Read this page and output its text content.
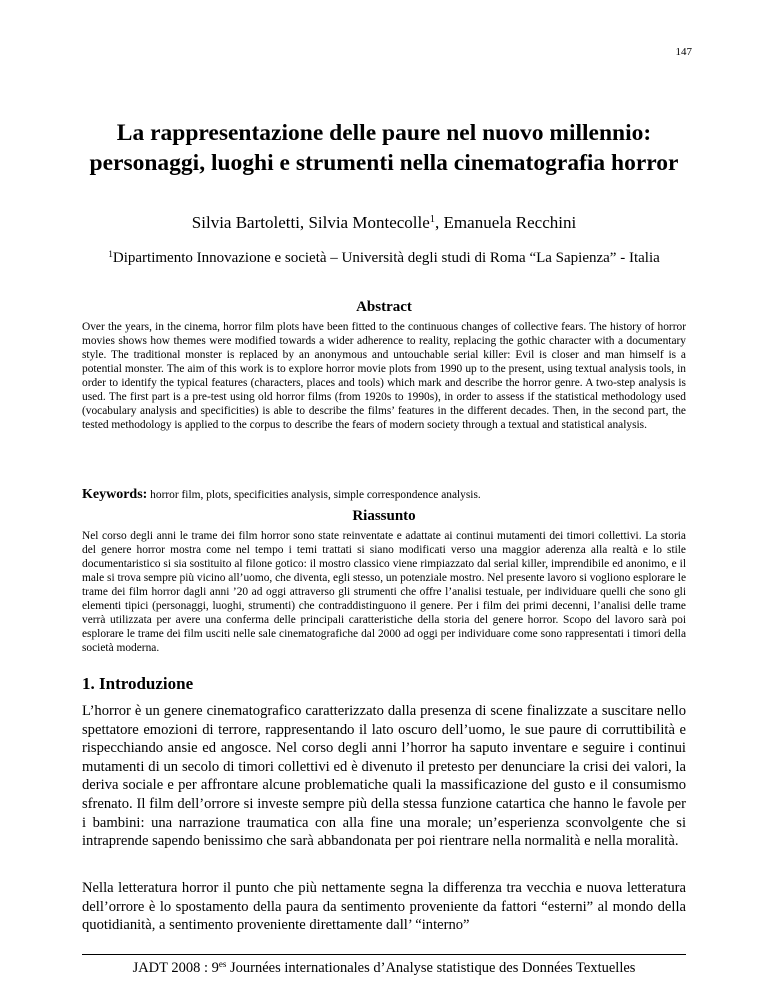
147
La rappresentazione delle paure nel nuovo millennio:
personaggi, luoghi e strumenti nella cinematografia horror
Silvia Bartoletti, Silvia Montecolle$^1$, Emanuela Recchini
$^1$Dipartimento Innovazione e società – Università degli studi di Roma “La Sapienza” - Italia
Abstract
Over the years, in the cinema, horror film plots have been fitted to the continuous changes of collective fears. The history of horror movies shows how themes were modified towards a wider adherence to reality, replacing the gothic character with a documentary style. The traditional monster is replaced by an anonymous and untouchable serial killer: Evil is closer and man himself is a potential monster. The aim of this work is to explore horror movie plots from 1990 up to the present, using textual analysis tools, in order to identify the typical features (characters, places and tools) which mark and describe the horror genre. A two-step analysis is used. The first part is a pre-test using old horror films (from 1920s to 1990s), in order to assess if the statistical methodology used (vocabulary analysis and specificities) is able to describe the films’ features in the different decades. Then, in the second part, the tested methodology is applied to the corpus to describe the fears of modern society through a textual and statistical analysis.
Keywords: horror film, plots, specificities analysis, simple correspondence analysis.
Riassunto
Nel corso degli anni le trame dei film horror sono state reinventate e adattate ai continui mutamenti dei timori collettivi. La storia del genere horror mostra come nel tempo i temi trattati si siano modificati verso una maggior aderenza alla realtà e lo stile documentaristico si sia sostituito al filone gotico: il mostro classico viene rimpiazzato dal serial killer, imprendibile ed anonimo, e il male si trova sempre più vicino all’uomo, che diventa, egli stesso, un potenziale mostro. Nel presente lavoro si vogliono esplorare le trame dei film horror dagli anni ’20 ad oggi attraverso gli strumenti che offre l’analisi testuale, per individuare quelli che sono gli elementi tipici (personaggi, luoghi, strumenti) che contraddistinguono il genere. Per i film dei primi decenni, l’analisi delle trame verrà utilizzata per avere una conferma delle principali caratteristiche della storia del genere horror. Scopo del lavoro sarà poi esplorare le trame dei film usciti nelle sale cinematografiche dal 2000 ad oggi per individuare come sono rappresentati i timori della società moderna.
1. Introduzione
L’horror è un genere cinematografico caratterizzato dalla presenza di scene finalizzate a suscitare nello spettatore emozioni di terrore, rappresentando il lato oscuro dell’uomo, le sue paure di corruttibilità e rispecchiando ansie ed angosce. Nel corso degli anni l’horror ha saputo inventare e seguire i continui mutamenti di un secolo di timori collettivi ed è divenuto il pretesto per denunciare la crisi dei valori, la deriva sociale e per affrontare alcune problematiche quali la massificazione del gusto e il consumismo sfrenato. Il film dell’orrore si investe sempre più della stessa funzione catartica che hanno le favole per i bambini: una narrazione traumatica con alla fine una morale; un’esperienza sconvolgente che si intraprende sapendo benissimo che sarà abbandonata per poi rientrare nella normalità e nella moralità.
Nella letteratura horror il punto che più nettamente segna la differenza tra vecchia e nuova letteratura dell’orrore è lo spostamento della paura da sentimento proveniente da fattori “esterni” al mondo della quotidianità, a sentimento proveniente direttamente dall’ “interno”
JADT 2008 : $9^{es}$ Journées internationales d’Analyse statistique des Données Textuelles
